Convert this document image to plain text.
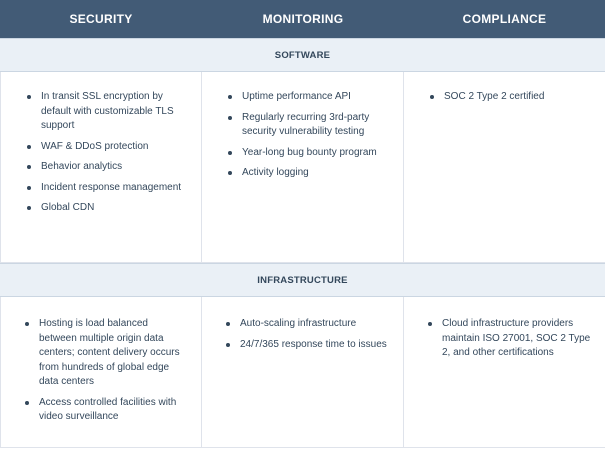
SECURITY	MONITORING	COMPLIANCE
SOFTWARE
In transit SSL encryption by default with customizable TLS support
WAF & DDoS protection
Behavior analytics
Incident response management
Global CDN
Uptime performance API
Regularly recurring 3rd-party security vulnerability testing
Year-long bug bounty program
Activity logging
SOC 2 Type 2 certified
INFRASTRUCTURE
Hosting is load balanced between multiple origin data centers; content delivery occurs from hundreds of global edge data centers
Access controlled facilities with video surveillance
Auto-scaling infrastructure
24/7/365 response time to issues
Cloud infrastructure providers maintain ISO 27001, SOC 2 Type 2, and other certifications
